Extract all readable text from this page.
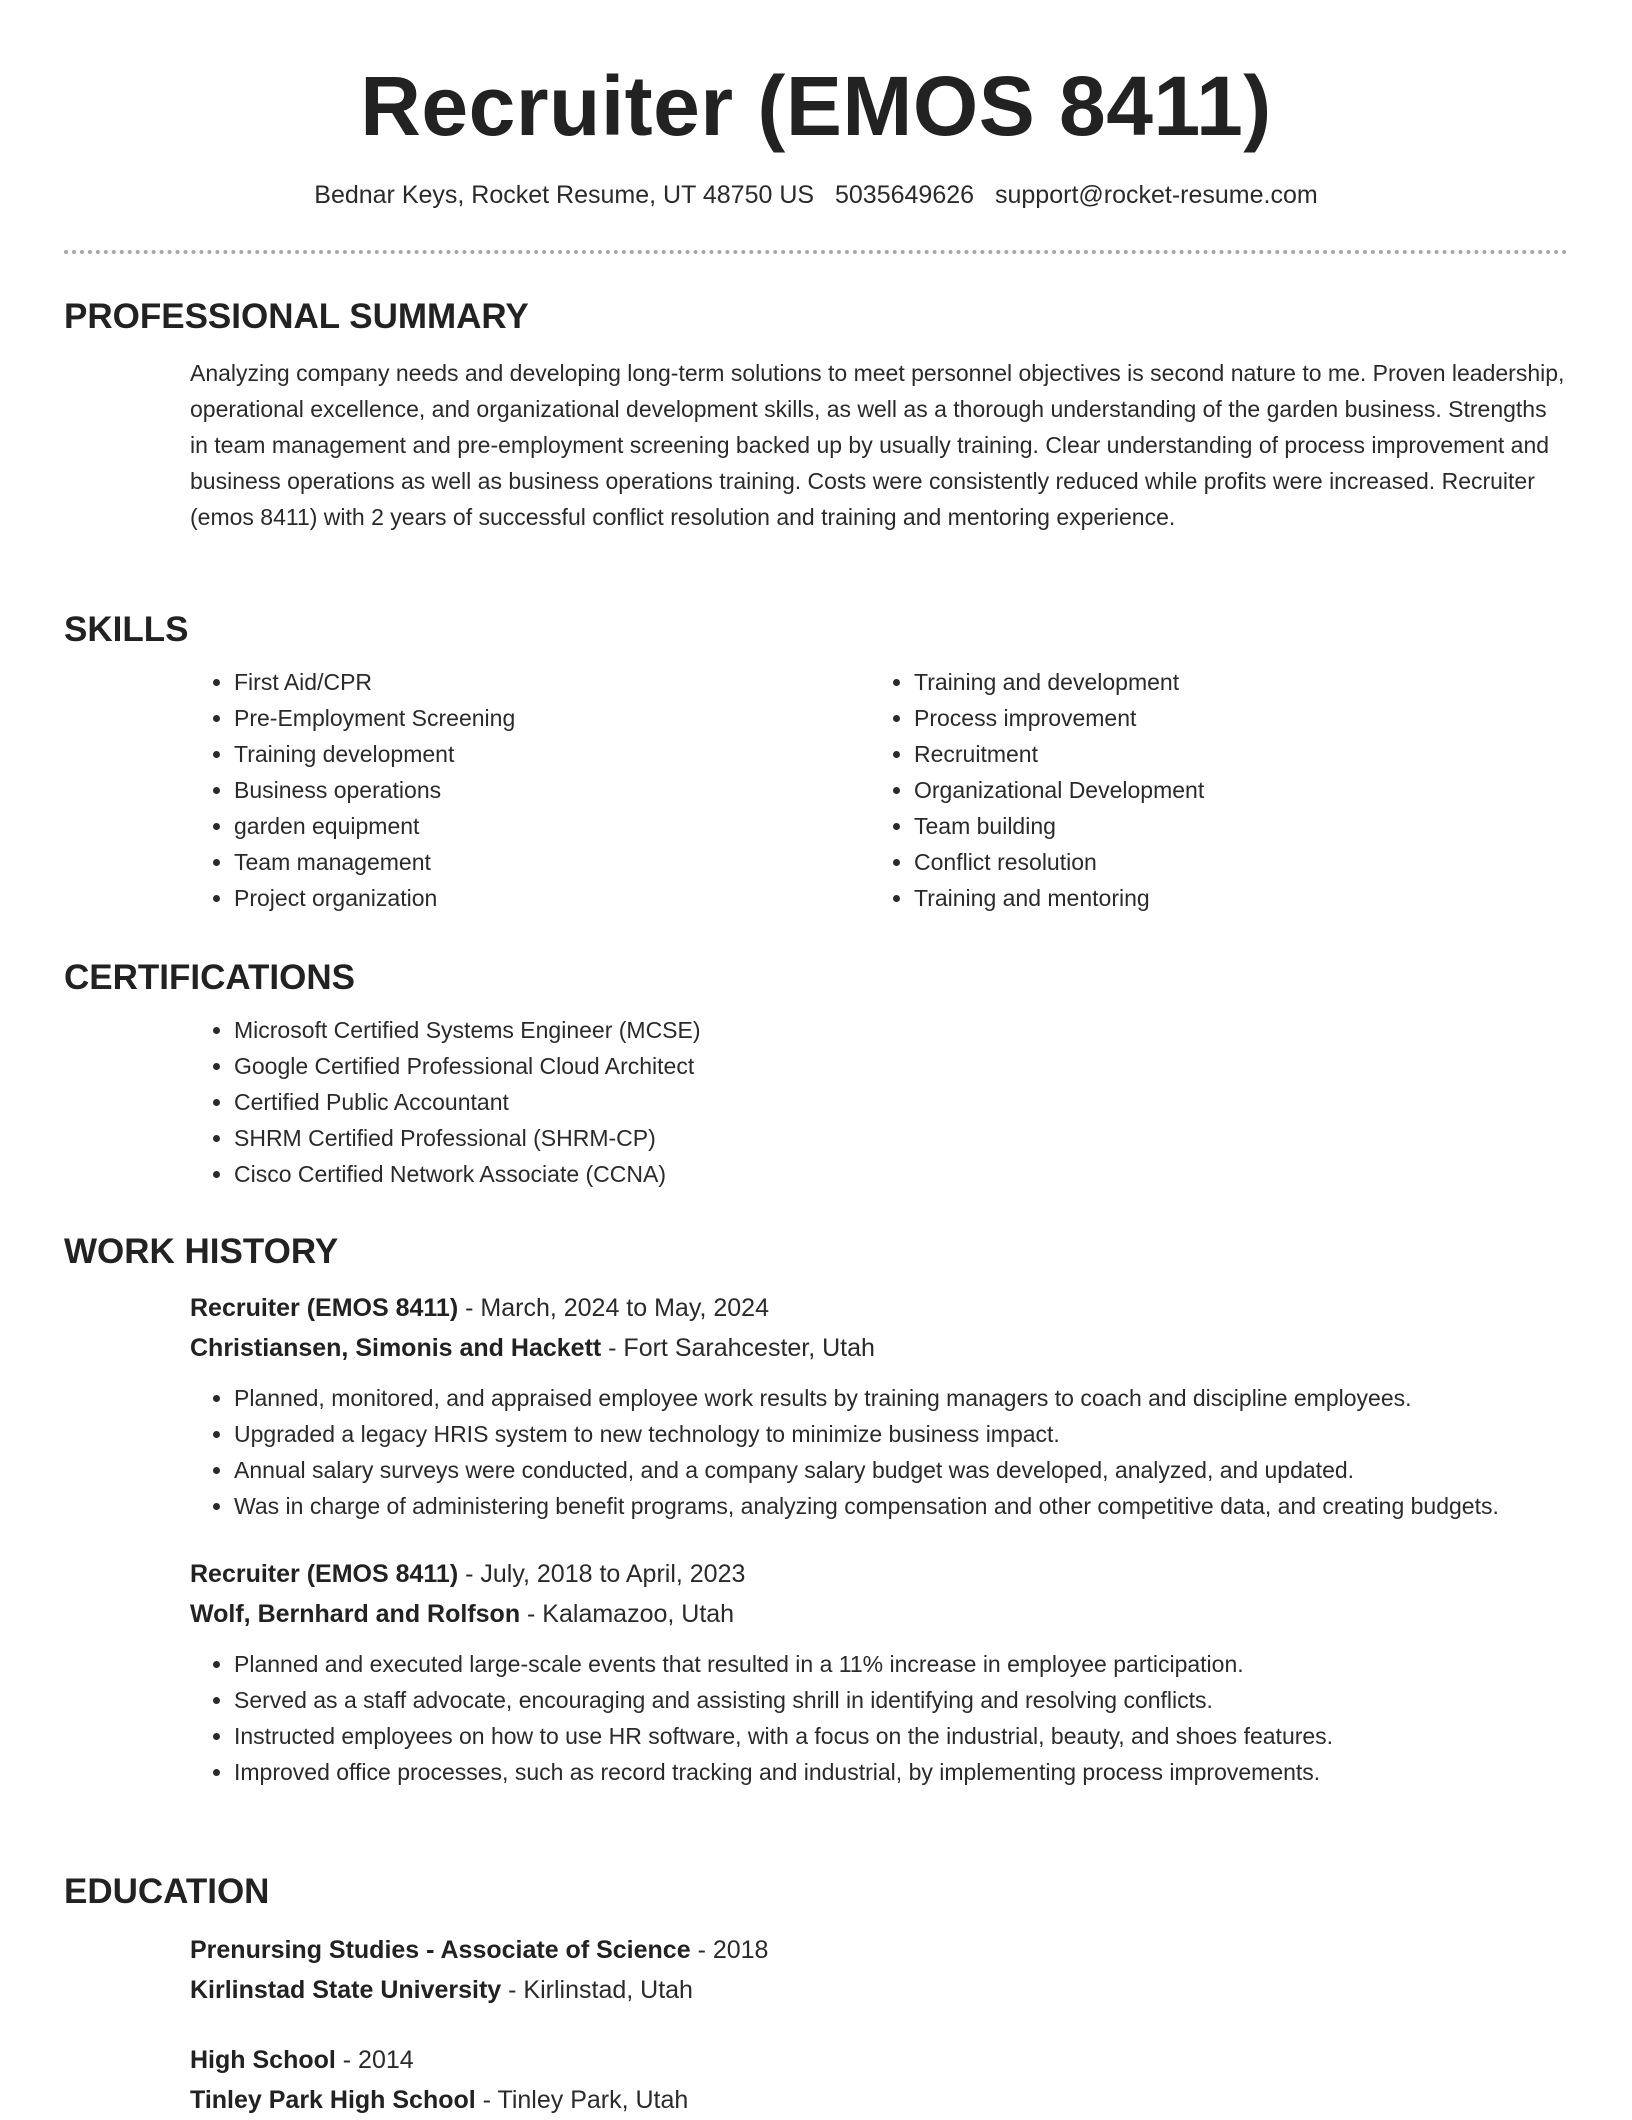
Recruiter (EMOS 8411)
Bednar Keys, Rocket Resume, UT 48750 US 5035649626 support@rocket-resume.com
PROFESSIONAL SUMMARY
Analyzing company needs and developing long-term solutions to meet personnel objectives is second nature to me. Proven leadership, operational excellence, and organizational development skills, as well as a thorough understanding of the garden business. Strengths in team management and pre-employment screening backed up by usually training. Clear understanding of process improvement and business operations as well as business operations training. Costs were consistently reduced while profits were increased. Recruiter (emos 8411) with 2 years of successful conflict resolution and training and mentoring experience.
SKILLS
• First Aid/CPR
• Pre-Employment Screening
• Training development
• Business operations
• garden equipment
• Team management
• Project organization
• Training and development
• Process improvement
• Recruitment
• Organizational Development
• Team building
• Conflict resolution
• Training and mentoring
CERTIFICATIONS
• Microsoft Certified Systems Engineer (MCSE)
• Google Certified Professional Cloud Architect
• Certified Public Accountant
• SHRM Certified Professional (SHRM-CP)
• Cisco Certified Network Associate (CCNA)
WORK HISTORY
Recruiter (EMOS 8411) - March, 2024 to May, 2024
Christiansen, Simonis and Hackett - Fort Sarahcester, Utah
• Planned, monitored, and appraised employee work results by training managers to coach and discipline employees.
• Upgraded a legacy HRIS system to new technology to minimize business impact.
• Annual salary surveys were conducted, and a company salary budget was developed, analyzed, and updated.
• Was in charge of administering benefit programs, analyzing compensation and other competitive data, and creating budgets.
Recruiter (EMOS 8411) - July, 2018 to April, 2023
Wolf, Bernhard and Rolfson - Kalamazoo, Utah
• Planned and executed large-scale events that resulted in a 11% increase in employee participation.
• Served as a staff advocate, encouraging and assisting shrill in identifying and resolving conflicts.
• Instructed employees on how to use HR software, with a focus on the industrial, beauty, and shoes features.
• Improved office processes, such as record tracking and industrial, by implementing process improvements.
EDUCATION
Prenursing Studies - Associate of Science - 2018
Kirlinstad State University - Kirlinstad, Utah
High School - 2014
Tinley Park High School - Tinley Park, Utah
